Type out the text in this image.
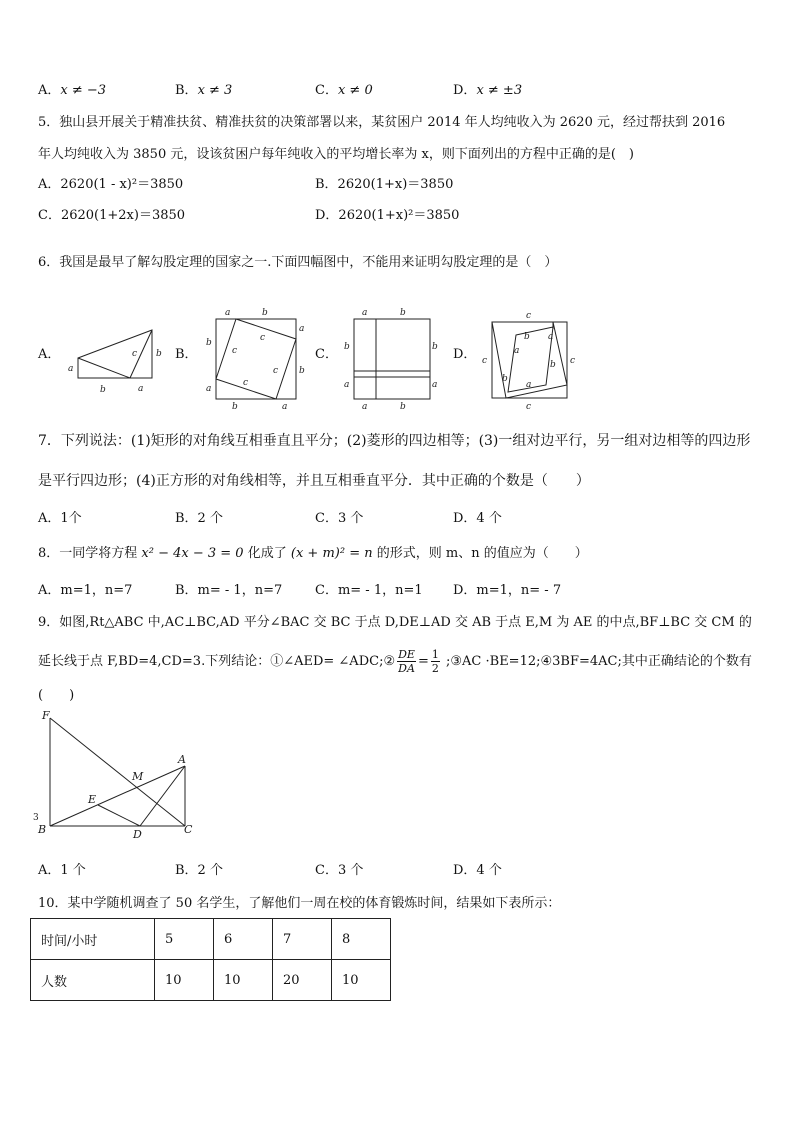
A．x ≠ −3	B．x ≠ 3	C．x ≠ 0	D．x ≠ ±3
5．独山县开展关于精准扶贫、精准扶贫的决策部署以来，某贫困户 2014 年人均纯收入为 2620 元，经过帮扶到 2016
年人均纯收入为 3850 元，设该贫困户每年纯收入的平均增长率为 x，则下面列出的方程中正确的是(　)
A．2620(1 - x)²＝3850	B．2620(1+x)＝3850
C．2620(1+2x)＝3850	D．2620(1+x)²＝3850
6．我国是最早了解勾股定理的国家之一.下面四幅图中，不能用来证明勾股定理的是（　）
A．	B．	C．	D．
a
b	a
b
c
a	b
a
b
b
a
b	a
c
c
c
c
a	b
b
a
b
a
a	b
c
c	c
c
b a
a
b
b
a
7．下列说法：(1)矩形的对角线互相垂直且平分；(2)菱形的四边相等；(3)一组对边平行，另一组对边相等的四边形
是平行四边形；(4)正方形的对角线相等，并且互相垂直平分．其中正确的个数是（　　）
A．1个	B．2 个	C．3 个	D．4 个
8．一同学将方程 x² − 4x − 3 = 0 化成了 (x + m)² = n 的形式，则 m、n 的值应为（　　）
A．m=1，n=7	B．m= - 1，n=7	C．m= - 1，n=1 D．m=1，n= - 7
9．如图,Rt△ABC 中,AC⊥BC,AD 平分∠BAC 交 BC 于点 D,DE⊥AD 交 AB 于点 E,M 为 AE 的中点,BF⊥BC 交 CM 的
延长线于点 F,BD=4,CD=3.下列结论：①∠AED= ∠ADC;② $\frac{DE}{DA} = \frac{1}{2}$ ;③AC ·BE=12;④3BF=4AC;其中正确结论的个数有
(　　)
F
M
A
E
B	D	C
3
A．1 个	B．2 个	C．3 个	D．4 个
10．某中学随机调查了 50 名学生，了解他们一周在校的体育锻炼时间，结果如下表所示：
时间/小时	5	6	7	8
人数	10	10	20	10
